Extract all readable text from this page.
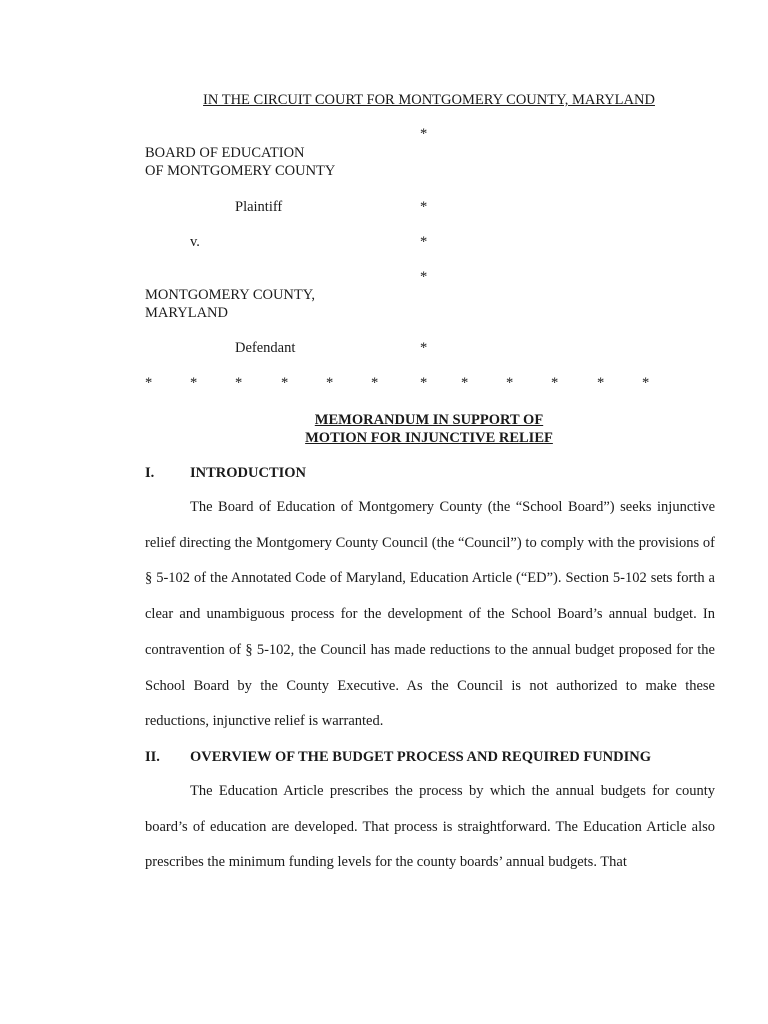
IN THE CIRCUIT COURT FOR MONTGOMERY COUNTY, MARYLAND
*
BOARD OF EDUCATION
OF MONTGOMERY COUNTY
Plaintiff	*
v.	*
*
MONTGOMERY COUNTY,
MARYLAND
Defendant	*
*	*	*	*	*	*	* *	*	*	*	*
MEMORANDUM IN SUPPORT OF
MOTION FOR INJUNCTIVE RELIEF
I. INTRODUCTION
The Board of Education of Montgomery County (the “School Board”) seeks injunctive relief directing the Montgomery County Council (the “Council”) to comply with the provisions of § 5-102 of the Annotated Code of Maryland, Education Article (“ED”). Section 5-102 sets forth a clear and unambiguous process for the development of the School Board’s annual budget. In contravention of § 5-102, the Council has made reductions to the annual budget proposed for the School Board by the County Executive. As the Council is not authorized to make these reductions, injunctive relief is warranted.
II. OVERVIEW OF THE BUDGET PROCESS AND REQUIRED FUNDING
The Education Article prescribes the process by which the annual budgets for county board’s of education are developed. That process is straightforward. The Education Article also prescribes the minimum funding levels for the county boards’ annual budgets. That
